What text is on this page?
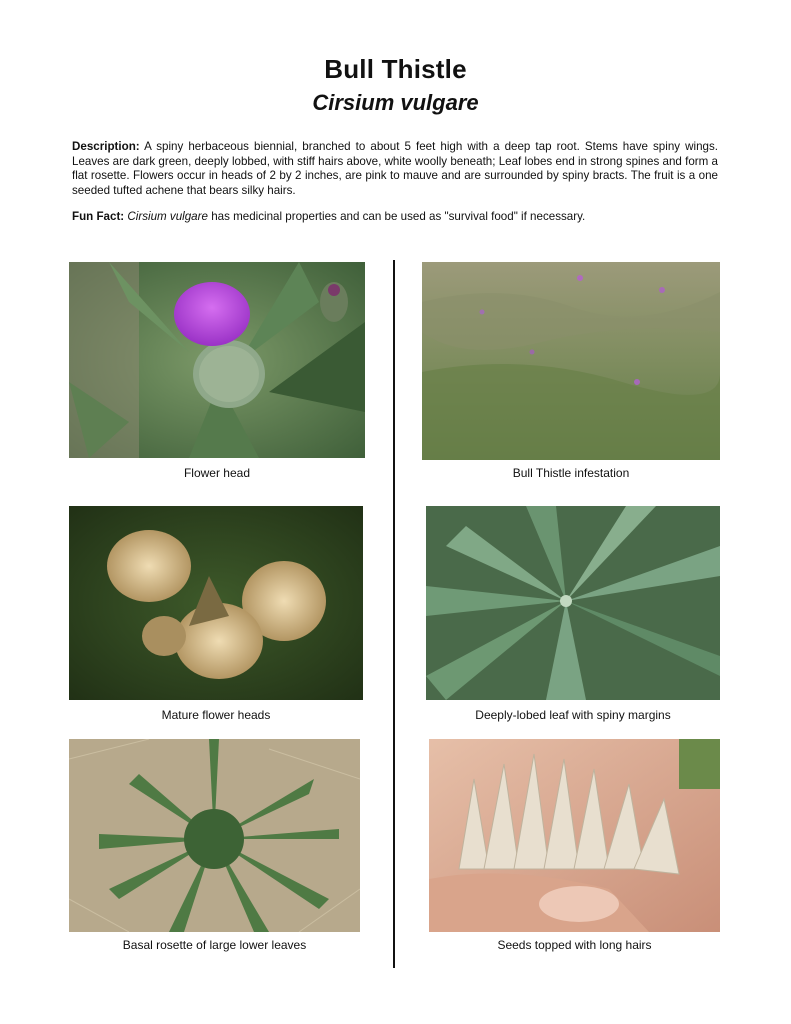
Bull Thistle
Cirsium vulgare

Description: A spiny herbaceous biennial, branched to about 5 feet high with a deep tap root. Stems have spiny wings. Leaves are dark green, deeply lobbed, with stiff hairs above, white woolly beneath; Leaf lobes end in strong spines and form a flat rosette. Flowers occur in heads of 2 by 2 inches, are pink to mauve and are surrounded by spiny bracts. The fruit is a one seeded tufted achene that bears silky hairs.

Fun Fact: Cirsium vulgare has medicinal properties and can be used as "survival food" if necessary.

Flower head	Bull Thistle infestation

Mature flower heads	Deeply-lobed leaf with spiny margins

Basal rosette of large lower leaves	Seeds topped with long hairs
